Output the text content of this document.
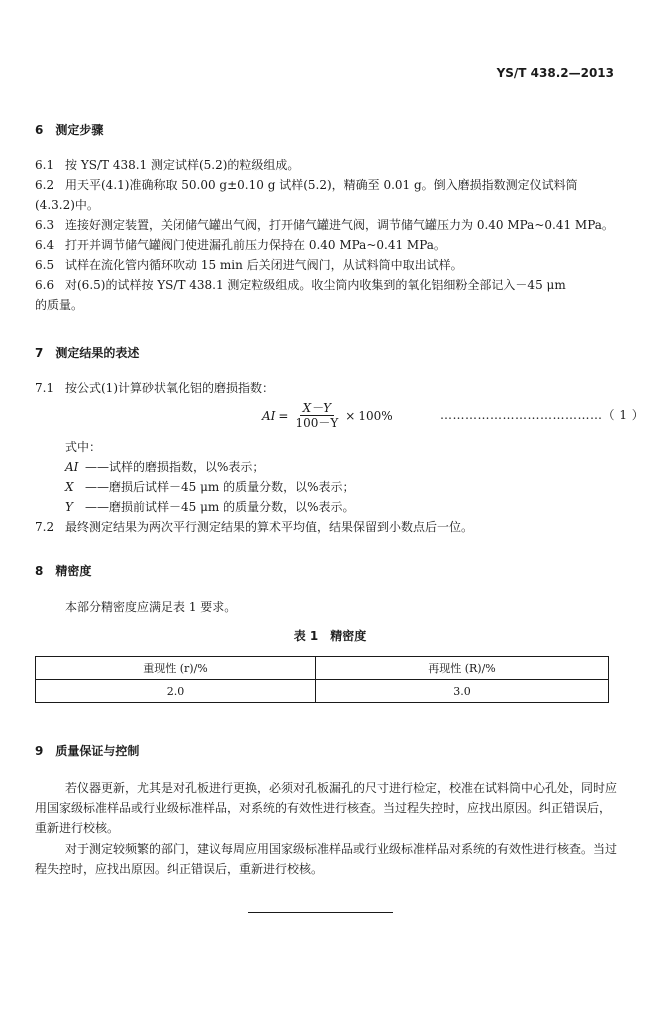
YS/T 438.2—2013
6　测定步骤

6.1 按 YS/T 438.1 测定试样(5.2)的粒级组成。

6.2 用天平(4.1)准确称取 50.00 g±0.10 g 试样(5.2)，精确至 0.01 g。倒入磨损指数测定仪试料筒

(4.3.2)中。

6.3 连接好测定装置，关闭储气罐出气阀，打开储气罐进气阀，调节储气罐压力为 0.40 MPa~0.41 MPa。

6.4 打开并调节储气罐阀门使进漏孔前压力保持在 0.40 MPa~0.41 MPa。

6.5 试样在流化管内循环吹动 15 min 后关闭进气阀门，从试料筒中取出试样。

6.6 对(6.5)的试样按 YS/T 438.1 测定粒级组成。收尘筒内收集到的氧化铝细粉全部记入－45 μm

的质量。

7　测定结果的表述

7.1 按公式(1)计算砂状氧化铝的磨损指数：

AI = $\frac{X-Y}{100-Y} \times 100\%$	…………………………………（ 1 ）

式中：

AI ——试样的磨损指数，以%表示；

X ——磨损后试样－45 μm 的质量分数，以%表示；

Y ——磨损前试样－45 μm 的质量分数，以%表示。

7.2 最终测定结果为两次平行测定结果的算术平均值，结果保留到小数点后一位。

8　精密度

本部分精密度应满足表 1 要求。

表 1　精密度
重现性 (r)/%	再现性 (R)/%
2.0	3.0
9　质量保证与控制

若仪器更新，尤其是对孔板进行更换，必须对孔板漏孔的尺寸进行检定，校准在试料筒中心孔处，同时应用国家级标准样品或行业级标准样品，对系统的有效性进行核查。当过程失控时，应找出原因。纠正错误后，重新进行校核。

对于测定较频繁的部门，建议每周应用国家级标准样品或行业级标准样品对系统的有效性进行核查。当过程失控时，应找出原因。纠正错误后，重新进行校核。
